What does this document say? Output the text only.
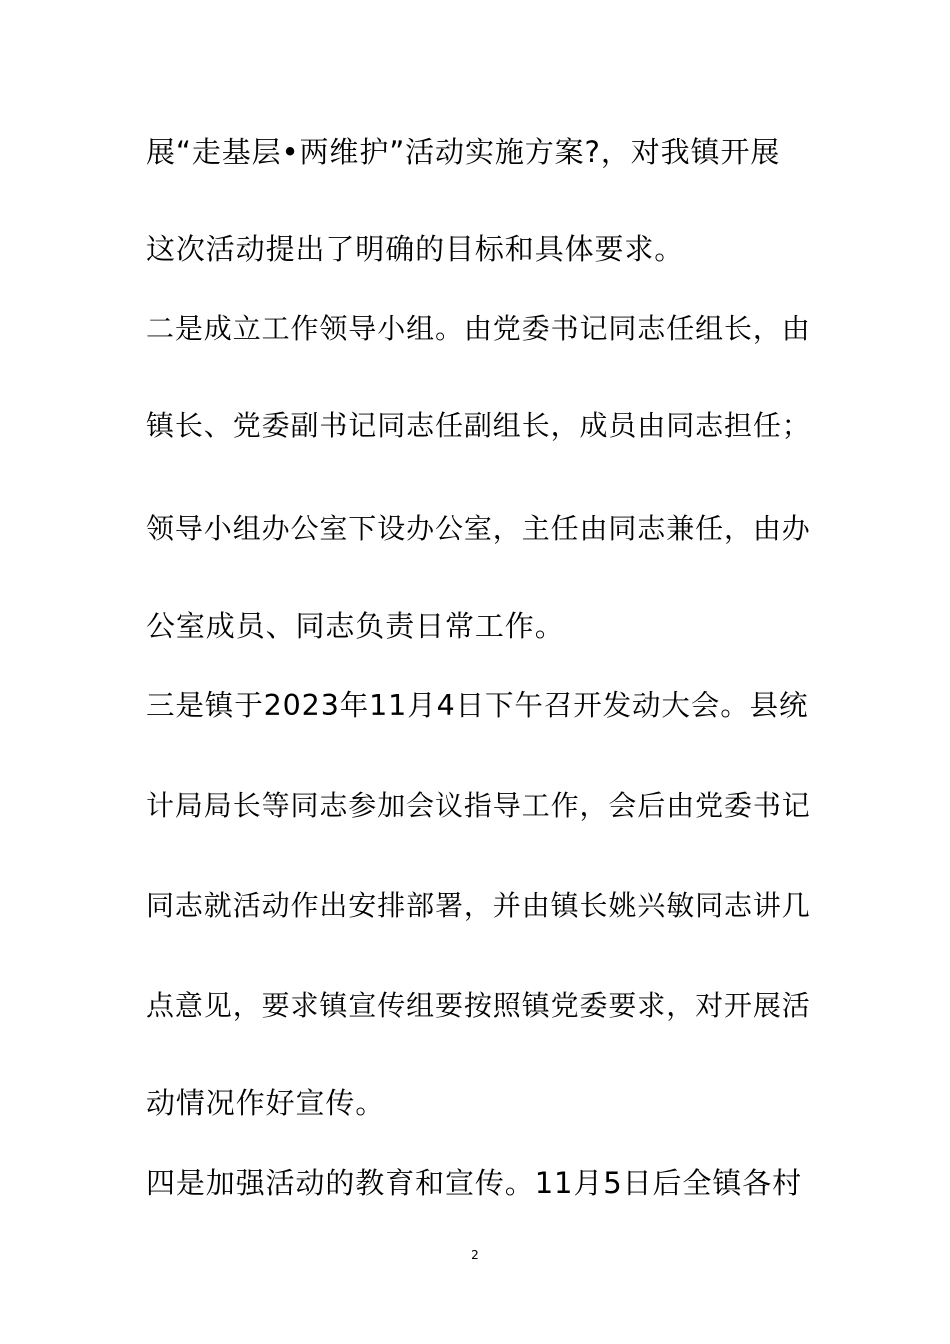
展“走基层•两维护”活动实施方案?，对我镇开展
这次活动提出了明确的目标和具体要求。
二是成立工作领导小组。由党委书记同志任组长，由
镇长、党委副书记同志任副组长，成员由同志担任；
领导小组办公室下设办公室，主任由同志兼任，由办
公室成员、同志负责日常工作。
三是镇于2023年11月4日下午召开发动大会。县统
计局局长等同志参加会议指导工作，会后由党委书记
同志就活动作出安排部署，并由镇长姚兴敏同志讲几
点意见，要求镇宣传组要按照镇党委要求，对开展活
动情况作好宣传。
四是加强活动的教育和宣传。11月5日后全镇各村
2
